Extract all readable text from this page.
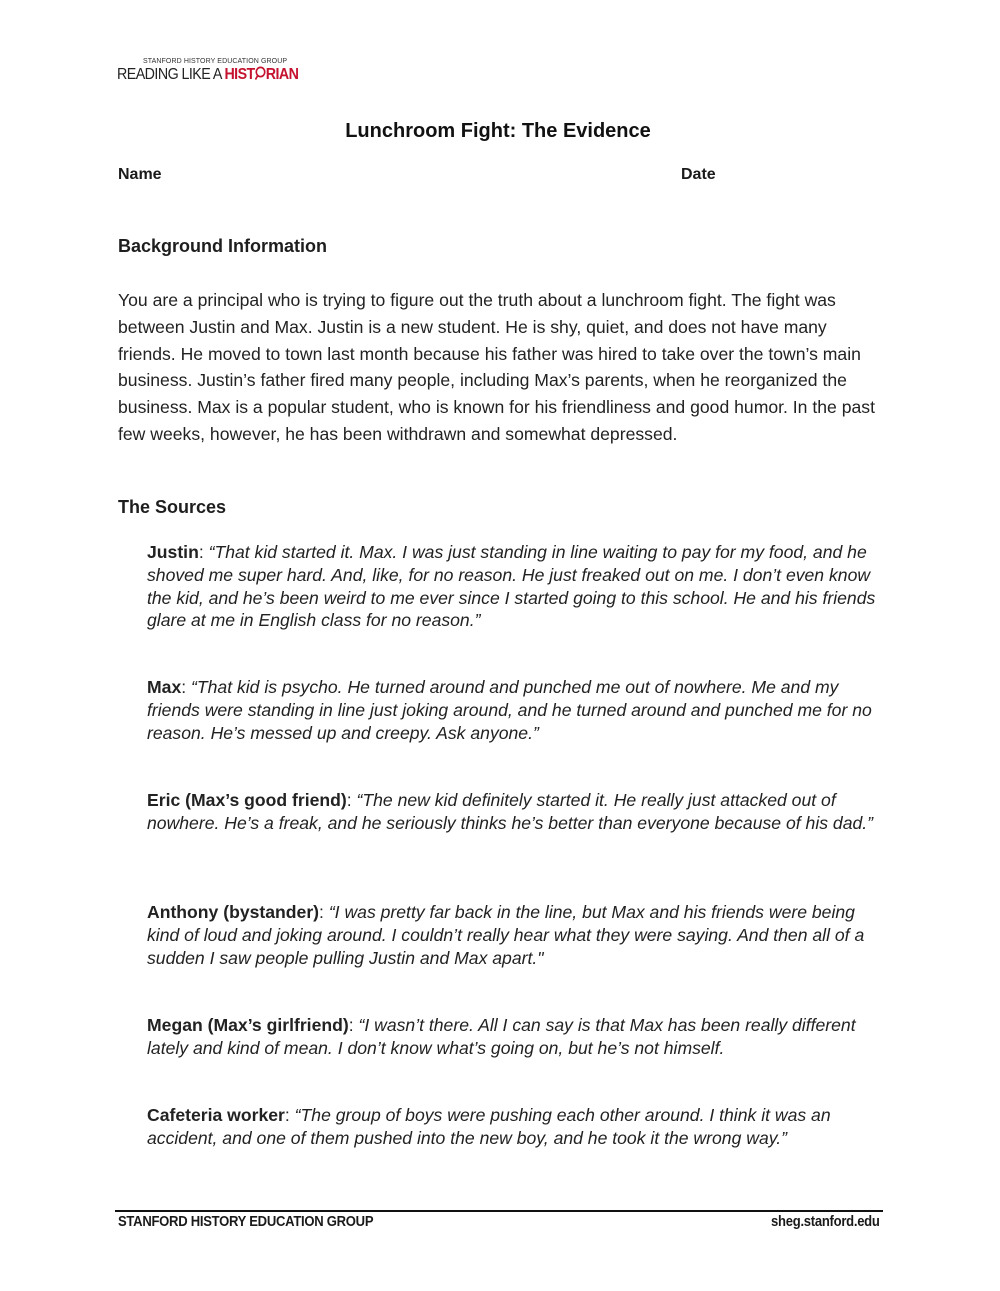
STANFORD HISTORY EDUCATION GROUP
READING LIKE A HIST RIAN
Lunchroom Fight: The Evidence
Name	Date
Background Information
You are a principal who is trying to figure out the truth about a lunchroom fight. The fight was between Justin and Max. Justin is a new student. He is shy, quiet, and does not have many friends. He moved to town last month because his father was hired to take over the town’s main business. Justin’s father fired many people, including Max’s parents, when he reorganized the business. Max is a popular student, who is known for his friendliness and good humor. In the past few weeks, however, he has been withdrawn and somewhat depressed.
The Sources
Justin: “That kid started it. Max. I was just standing in line waiting to pay for my food, and he shoved me super hard. And, like, for no reason. He just freaked out on me. I don’t even know the kid, and he’s been weird to me ever since I started going to this school. He and his friends glare at me in English class for no reason.”
Max: “That kid is psycho. He turned around and punched me out of nowhere. Me and my friends were standing in line just joking around, and he turned around and punched me for no reason. He’s messed up and creepy. Ask anyone.”
Eric (Max’s good friend): “The new kid definitely started it. He really just attacked out of nowhere. He’s a freak, and he seriously thinks he’s better than everyone because of his dad.”
Anthony (bystander): “I was pretty far back in the line, but Max and his friends were being kind of loud and joking around. I couldn’t really hear what they were saying. And then all of a sudden I saw people pulling Justin and Max apart."
Megan (Max’s girlfriend): “I wasn’t there. All I can say is that Max has been really different lately and kind of mean. I don’t know what’s going on, but he’s not himself.
Cafeteria worker: “The group of boys were pushing each other around. I think it was an accident, and one of them pushed into the new boy, and he took it the wrong way.”
STANFORD HISTORY EDUCATION GROUP	sheg.stanford.edu
